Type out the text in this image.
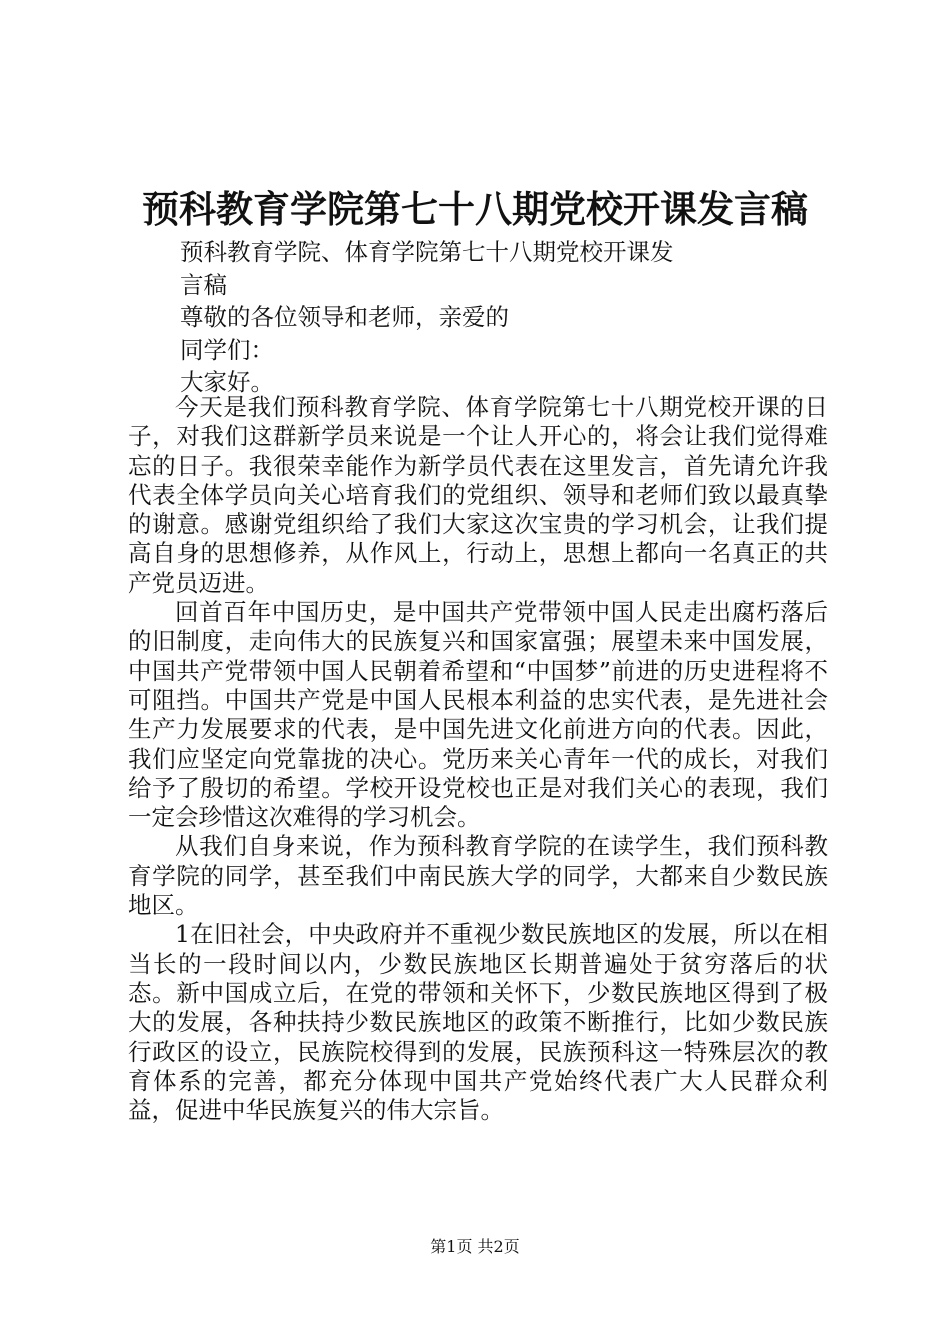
预科教育学院第七十八期党校开课发言稿

预科教育学院、体育学院第七十八期党校开课发

言稿

尊敬的各位领导和老师，亲爱的

同学们：

大家好。

今天是我们预科教育学院、体育学院第七十八期党校开课的日子，对我们这群新学员来说是一个让人开心的，将会让我们觉得难忘的日子。我很荣幸能作为新学员代表在这里发言，首先请允许我代表全体学员向关心培育我们的党组织、领导和老师们致以最真挚的谢意。感谢党组织给了我们大家这次宝贵的学习机会，让我们提高自身的思想修养，从作风上，行动上，思想上都向一名真正的共产党员迈进。

回首百年中国历史，是中国共产党带领中国人民走出腐朽落后的旧制度，走向伟大的民族复兴和国家富强；展望未来中国发展，中国共产党带领中国人民朝着希望和“中国梦”前进的历史进程将不可阻挡。中国共产党是中国人民根本利益的忠实代表，是先进社会生产力发展要求的代表，是中国先进文化前进方向的代表。因此，我们应坚定向党靠拢的决心。党历来关心青年一代的成长，对我们给予了殷切的希望。学校开设党校也正是对我们关心的表现，我们一定会珍惜这次难得的学习机会。

从我们自身来说，作为预科教育学院的在读学生，我们预科教育学院的同学，甚至我们中南民族大学的同学，大都来自少数民族地区。

1在旧社会，中央政府并不重视少数民族地区的发展，所以在相当长的一段时间以内，少数民族地区长期普遍处于贫穷落后的状态。新中国成立后，在党的带领和关怀下，少数民族地区得到了极大的发展，各种扶持少数民族地区的政策不断推行，比如少数民族行政区的设立，民族院校得到的发展，民族预科这一特殊层次的教育体系的完善，都充分体现中国共产党始终代表广大人民群众利益，促进中华民族复兴的伟大宗旨。

第1页 共2页
